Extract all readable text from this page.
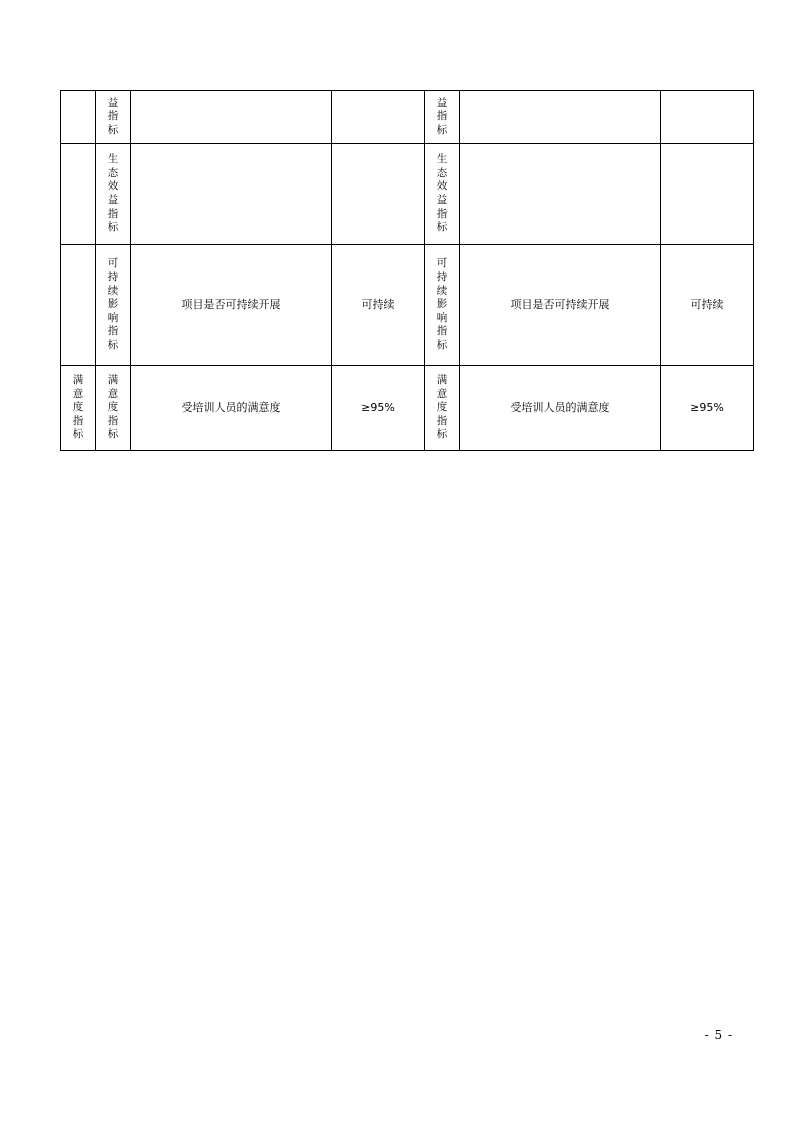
	益指标			益指标		

	生态效益指标			生态效益指标		

	可持续影响指标	项目是否可持续开展	可持续	可持续影响指标	项目是否可持续开展	可持续

满意度指标	满意度指标	受培训人员的满意度	≥95%	满意度指标	受培训人员的满意度	≥95%
- 5 -
